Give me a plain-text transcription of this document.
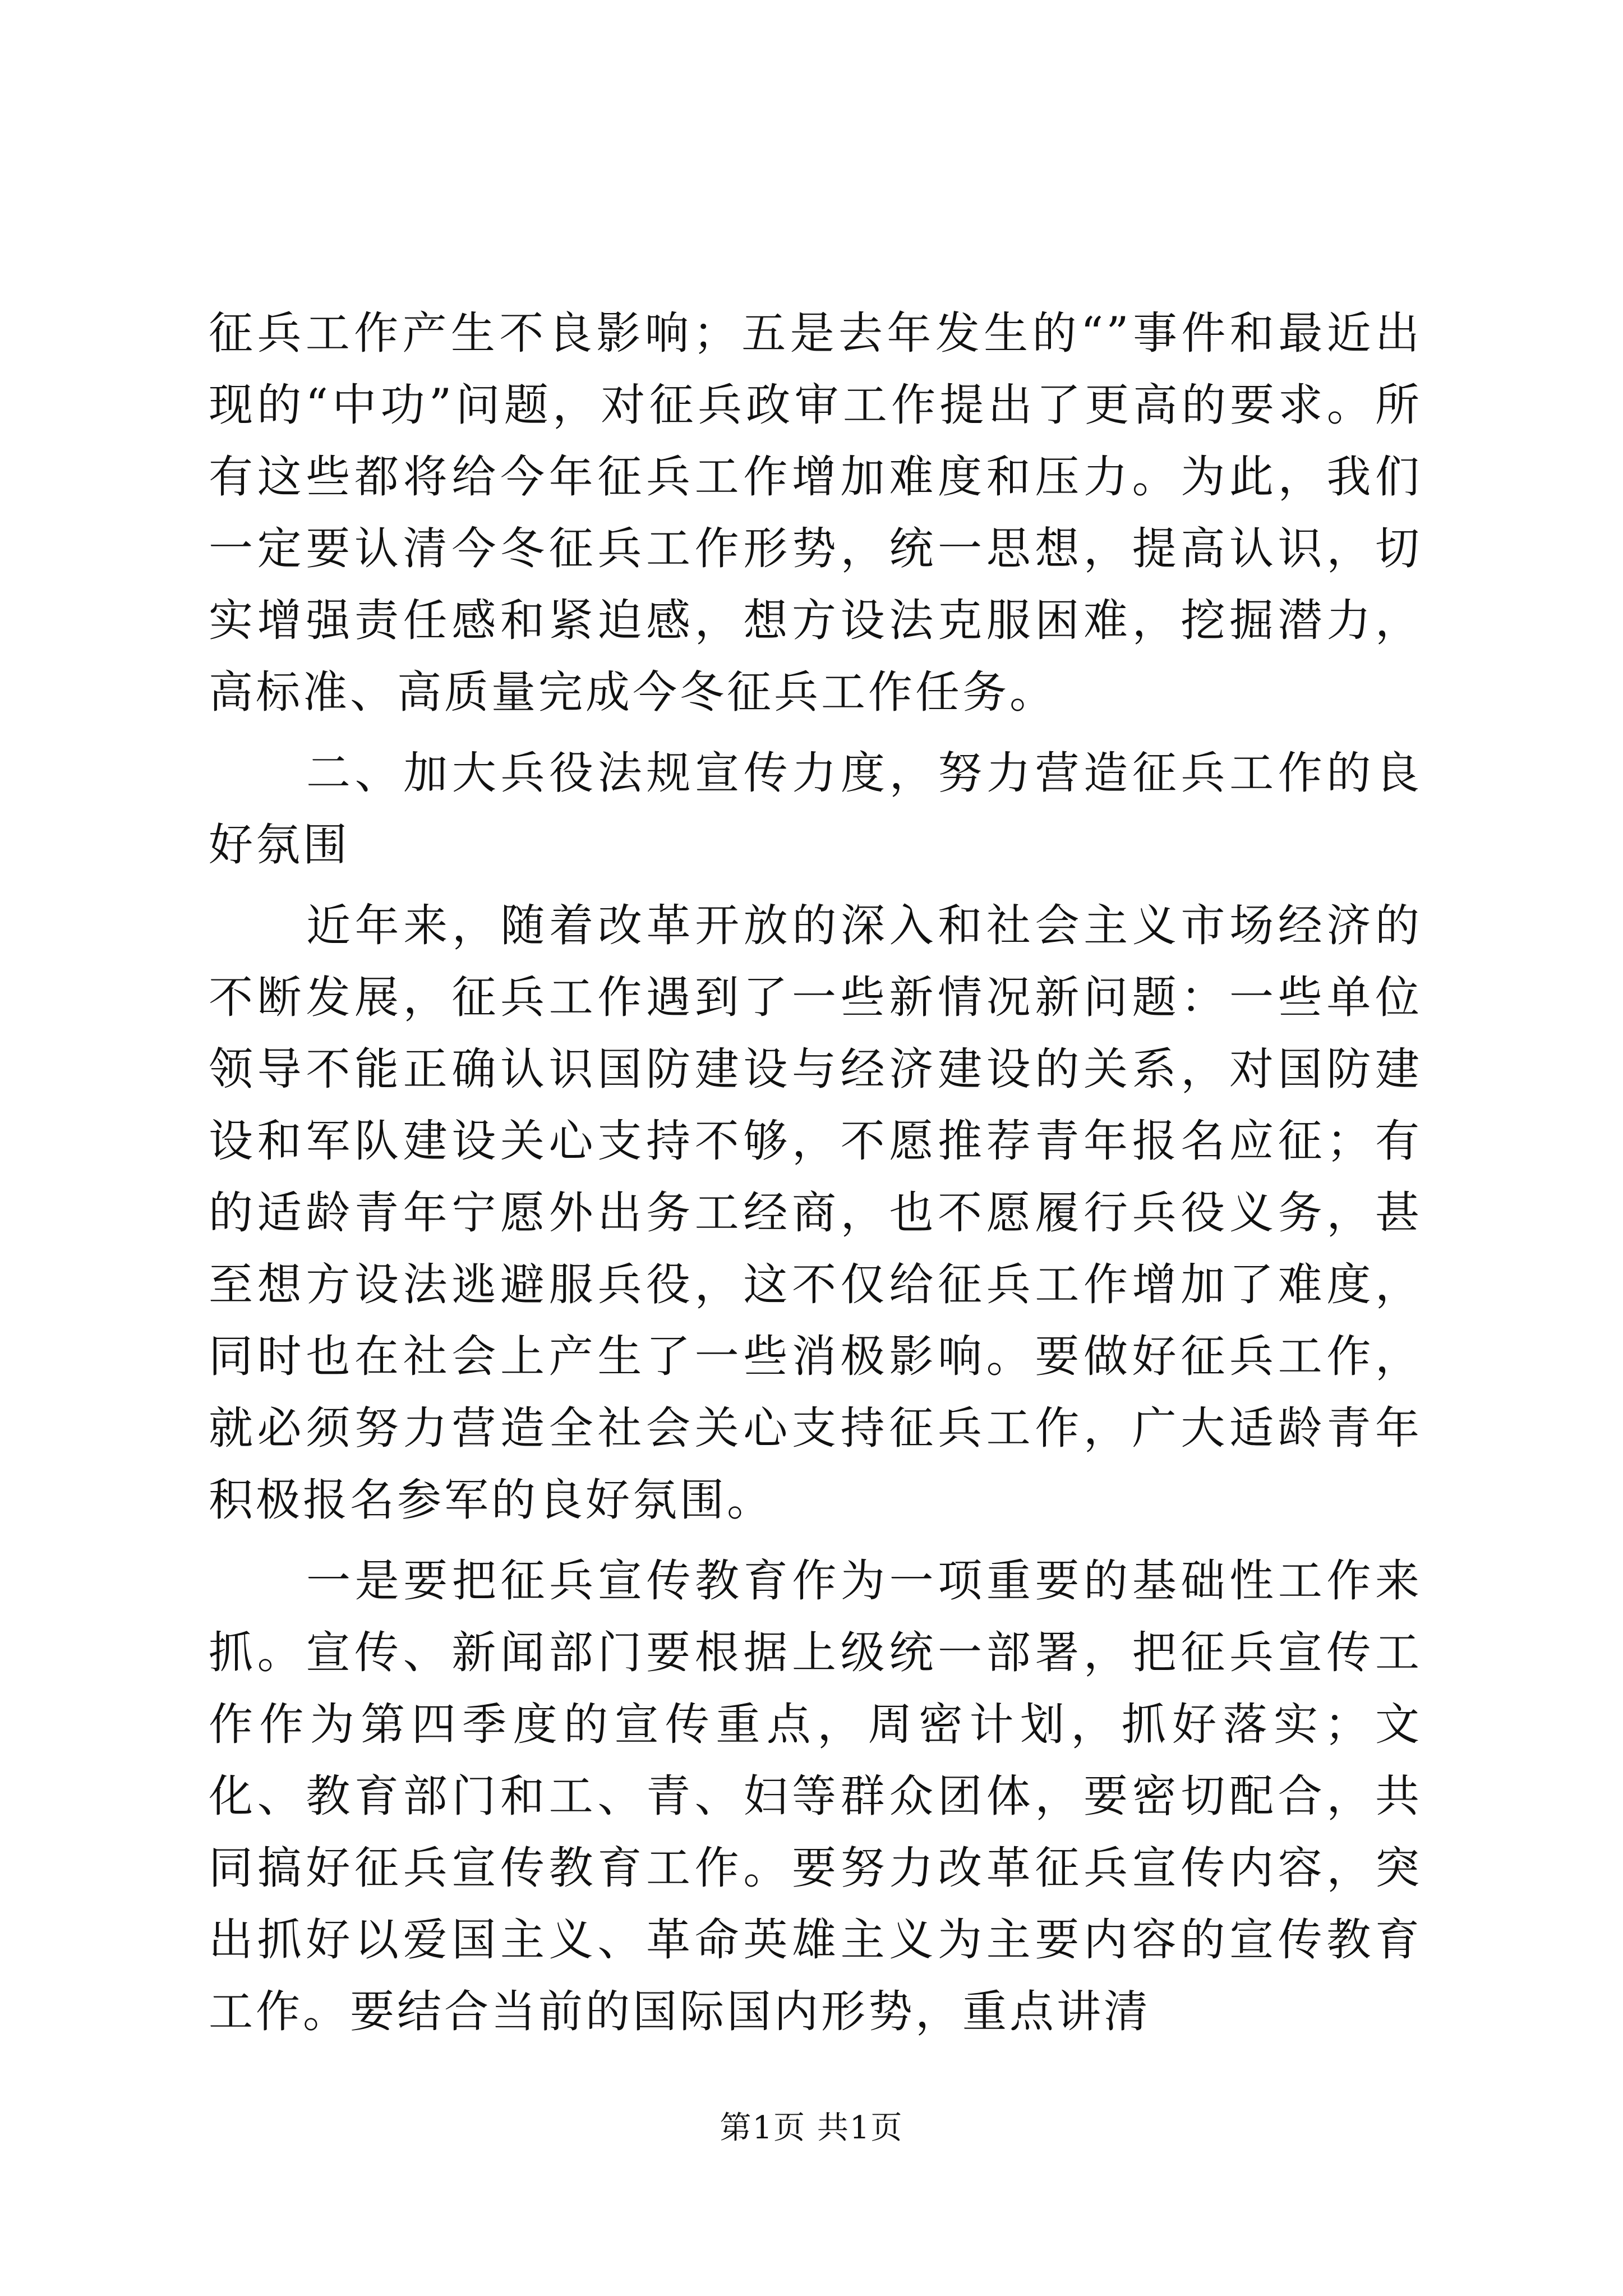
征兵工作产生不良影响；五是去年发生的“”事件和最近出现的“中功”问题，对征兵政审工作提出了更高的要求。所有这些都将给今年征兵工作增加难度和压力。为此，我们一定要认清今冬征兵工作形势，统一思想，提高认识，切实增强责任感和紧迫感，想方设法克服困难，挖掘潜力，高标准、高质量完成今冬征兵工作任务。

二、加大兵役法规宣传力度，努力营造征兵工作的良好氛围

近年来，随着改革开放的深入和社会主义市场经济的不断发展，征兵工作遇到了一些新情况新问题：一些单位领导不能正确认识国防建设与经济建设的关系，对国防建设和军队建设关心支持不够，不愿推荐青年报名应征；有的适龄青年宁愿外出务工经商，也不愿履行兵役义务，甚至想方设法逃避服兵役，这不仅给征兵工作增加了难度，同时也在社会上产生了一些消极影响。要做好征兵工作，就必须努力营造全社会关心支持征兵工作，广大适龄青年积极报名参军的良好氛围。

一是要把征兵宣传教育作为一项重要的基础性工作来抓。宣传、新闻部门要根据上级统一部署，把征兵宣传工作作为第四季度的宣传重点，周密计划，抓好落实；文化、教育部门和工、青、妇等群众团体，要密切配合，共同搞好征兵宣传教育工作。要努力改革征兵宣传内容，突出抓好以爱国主义、革命英雄主义为主要内容的宣传教育工作。要结合当前的国际国内形势，重点讲清

第1页 共1页
